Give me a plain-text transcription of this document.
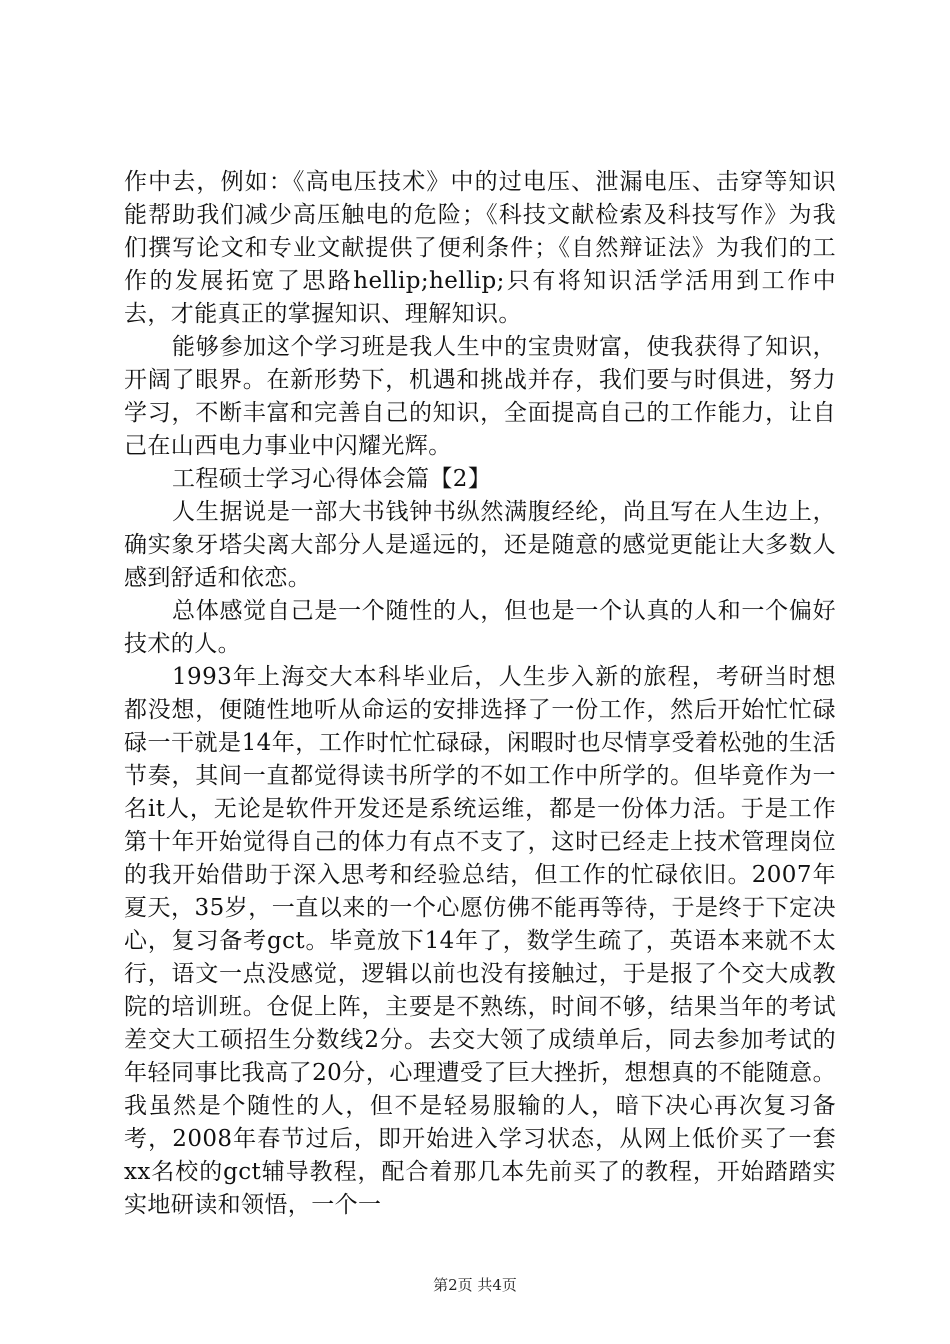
作中去，例如：《高电压技术》中的过电压、泄漏电压、击穿等知识能帮助我们减少高压触电的危险；《科技文献检索及科技写作》为我们撰写论文和专业文献提供了便利条件；《自然辩证法》为我们的工作的发展拓宽了思路hellip;hellip;只有将知识活学活用到工作中去，才能真正的掌握知识、理解知识。

能够参加这个学习班是我人生中的宝贵财富，使我获得了知识，开阔了眼界。在新形势下，机遇和挑战并存，我们要与时俱进，努力学习，不断丰富和完善自己的知识，全面提高自己的工作能力，让自己在山西电力事业中闪耀光辉。

工程硕士学习心得体会篇【2】

人生据说是一部大书钱钟书纵然满腹经纶，尚且写在人生边上，确实象牙塔尖离大部分人是遥远的，还是随意的感觉更能让大多数人感到舒适和依恋。

总体感觉自己是一个随性的人，但也是一个认真的人和一个偏好技术的人。

1993年上海交大本科毕业后，人生步入新的旅程，考研当时想都没想，便随性地听从命运的安排选择了一份工作，然后开始忙忙碌碌一干就是14年，工作时忙忙碌碌，闲暇时也尽情享受着松弛的生活节奏，其间一直都觉得读书所学的不如工作中所学的。但毕竟作为一名it人，无论是软件开发还是系统运维，都是一份体力活。于是工作第十年开始觉得自己的体力有点不支了，这时已经走上技术管理岗位的我开始借助于深入思考和经验总结，但工作的忙碌依旧。2007年夏天，35岁，一直以来的一个心愿仿佛不能再等待，于是终于下定决心，复习备考gct。毕竟放下14年了，数学生疏了，英语本来就不太行，语文一点没感觉，逻辑以前也没有接触过，于是报了个交大成教院的培训班。仓促上阵，主要是不熟练，时间不够，结果当年的考试差交大工硕招生分数线2分。去交大领了成绩单后，同去参加考试的年轻同事比我高了20分，心理遭受了巨大挫折，想想真的不能随意。我虽然是个随性的人，但不是轻易服输的人，暗下决心再次复习备考，2008年春节过后，即开始进入学习状态，从网上低价买了一套xx名校的gct辅导教程，配合着那几本先前买了的教程，开始踏踏实实地研读和领悟，一个一

第2页 共4页
